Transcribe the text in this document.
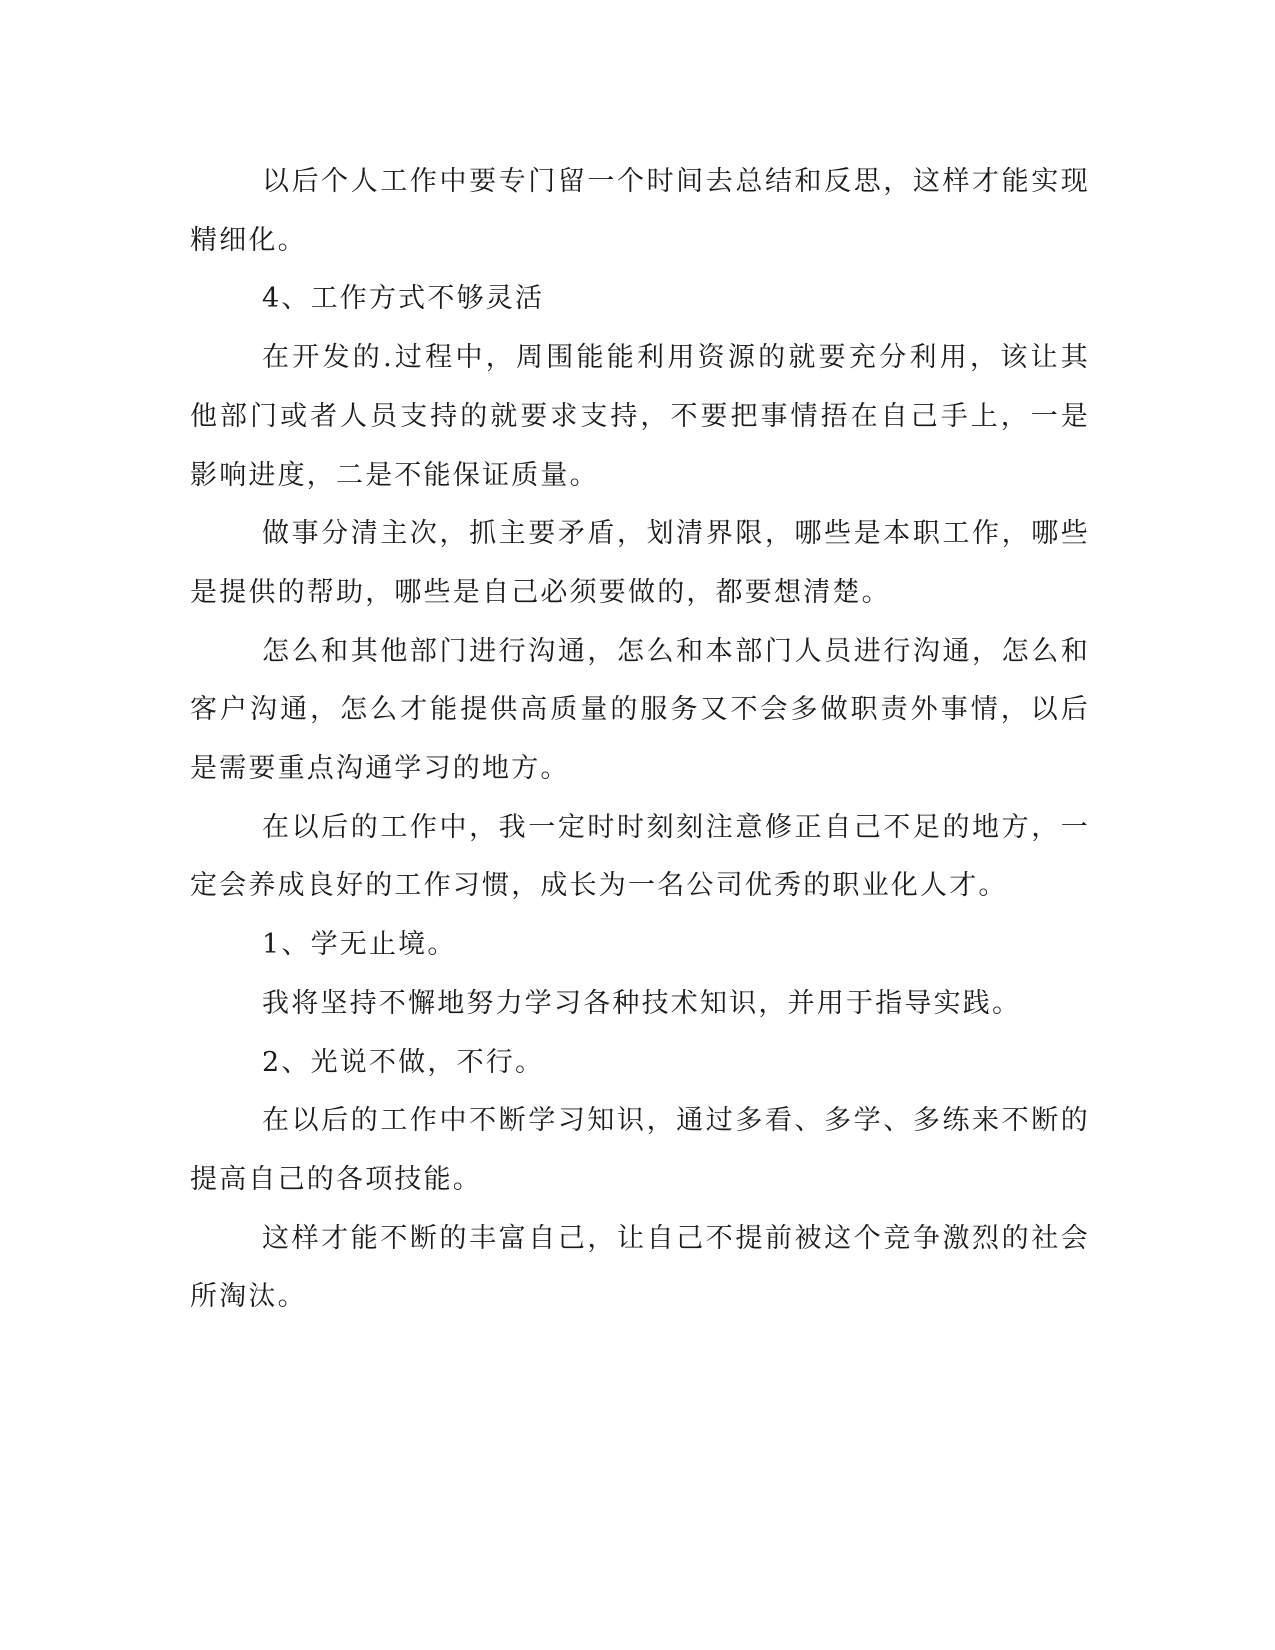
以后个人工作中要专门留一个时间去总结和反思，这样才能实现精细化。

4、工作方式不够灵活

在开发的.过程中，周围能能利用资源的就要充分利用，该让其他部门或者人员支持的就要求支持，不要把事情捂在自己手上，一是影响进度，二是不能保证质量。

做事分清主次，抓主要矛盾，划清界限，哪些是本职工作，哪些是提供的帮助，哪些是自己必须要做的，都要想清楚。

怎么和其他部门进行沟通，怎么和本部门人员进行沟通，怎么和客户沟通，怎么才能提供高质量的服务又不会多做职责外事情，以后是需要重点沟通学习的地方。

在以后的工作中，我一定时时刻刻注意修正自己不足的地方，一定会养成良好的工作习惯，成长为一名公司优秀的职业化人才。

1、学无止境。

我将坚持不懈地努力学习各种技术知识，并用于指导实践。

2、光说不做，不行。

在以后的工作中不断学习知识，通过多看、多学、多练来不断的提高自己的各项技能。

这样才能不断的丰富自己，让自己不提前被这个竞争激烈的社会所淘汰。
